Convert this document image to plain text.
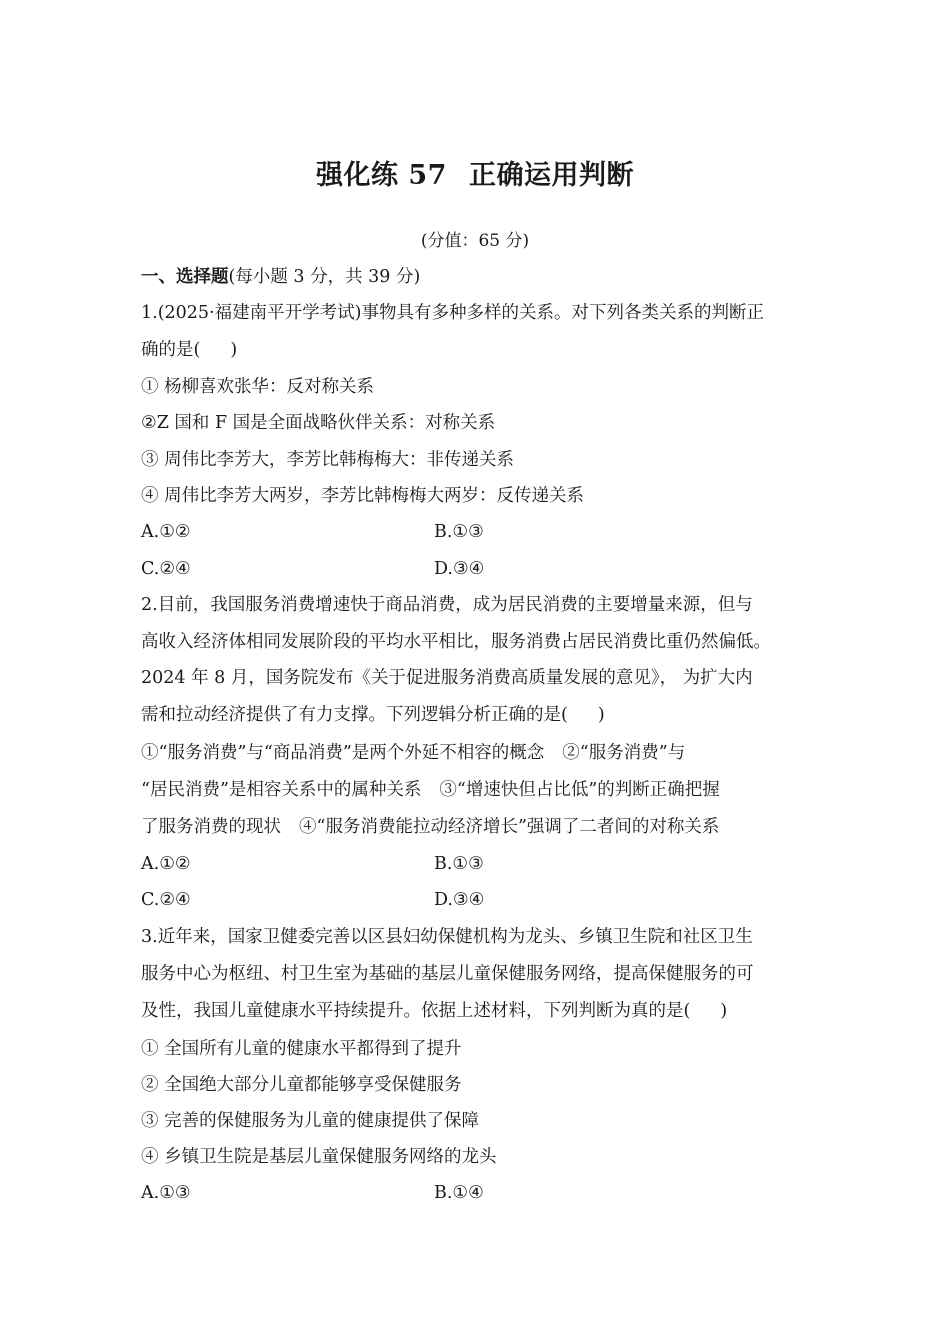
强化练 57 正确运用判断
(分值：65 分)
一、选择题(每小题 3 分，共 39 分)
1.(2025·福建南平开学考试)事物具有多种多样的关系。对下列各类关系的判断正
确的是( )
① 杨柳喜欢张华：反对称关系
②Z 国和 F 国是全面战略伙伴关系：对称关系
③ 周伟比李芳大，李芳比韩梅梅大：非传递关系
④ 周伟比李芳大两岁，李芳比韩梅梅大两岁：反传递关系
A.①②	B.①③
C.②④	D.③④
2.目前，我国服务消费增速快于商品消费，成为居民消费的主要增量来源，但与
高收入经济体相同发展阶段的平均水平相比，服务消费占居民消费比重仍然偏低。
2024 年 8 月，国务院发布《关于促进服务消费高质量发展的意见》， 为扩大内
需和拉动经济提供了有力支撑。下列逻辑分析正确的是( )
①“服务消费”与“商品消费”是两个外延不相容的概念 ②“服务消费”与
“居民消费”是相容关系中的属种关系 ③“增速快但占比低”的判断正确把握
了服务消费的现状 ④“服务消费能拉动经济增长”强调了二者间的对称关系
A.①②	B.①③
C.②④	D.③④
3.近年来，国家卫健委完善以区县妇幼保健机构为龙头、乡镇卫生院和社区卫生
服务中心为枢纽、村卫生室为基础的基层儿童保健服务网络，提高保健服务的可
及性，我国儿童健康水平持续提升。依据上述材料，下列判断为真的是( )
① 全国所有儿童的健康水平都得到了提升
② 全国绝大部分儿童都能够享受保健服务
③ 完善的保健服务为儿童的健康提供了保障
④ 乡镇卫生院是基层儿童保健服务网络的龙头
A.①③	B.①④
